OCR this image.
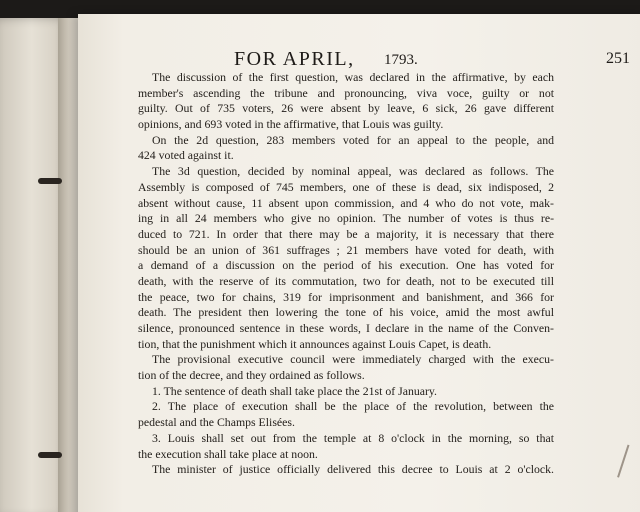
FOR APRIL, 1793.	251
The discussion of the first question, was declared in the affirmative, by each
member's ascending the tribune and pronouncing, viva voce, guilty or not
guilty. Out of 735 voters, 26 were absent by leave, 6 sick, 26 gave different
opinions, and 693 voted in the affirmative, that Louis was guilty.
On the 2d question, 283 members voted for an appeal to the people, and
424 voted against it.
The 3d question, decided by nominal appeal, was declared as follows. The
Assembly is composed of 745 members, one of these is dead, six indisposed, 2
absent without cause, 11 absent upon commission, and 4 who do not vote, mak-
ing in all 24 members who give no opinion. The number of votes is thus re-
duced to 721. In order that there may be a majority, it is necessary that there
should be an union of 361 suffrages ; 21 members have voted for death, with
a demand of a discussion on the period of his execution. One has voted for
death, with the reserve of its commutation, two for death, not to be executed till
the peace, two for chains, 319 for imprisonment and banishment, and 366 for
death. The president then lowering the tone of his voice, amid the most awful
silence, pronounced sentence in these words, I declare in the name of the Conven-
tion, that the punishment which it announces against Louis Capet, is death.
The provisional executive council were immediately charged with the execu-
tion of the decree, and they ordained as follows.
1. The sentence of death shall take place the 21st of January.
2. The place of execution shall be the place of the revolution, between the
pedestal and the Champs Elisées.
3. Louis shall set out from the temple at 8 o'clock in the morning, so that
the execution shall take place at noon.
The minister of justice officially delivered this decree to Louis at 2 o'clock.
